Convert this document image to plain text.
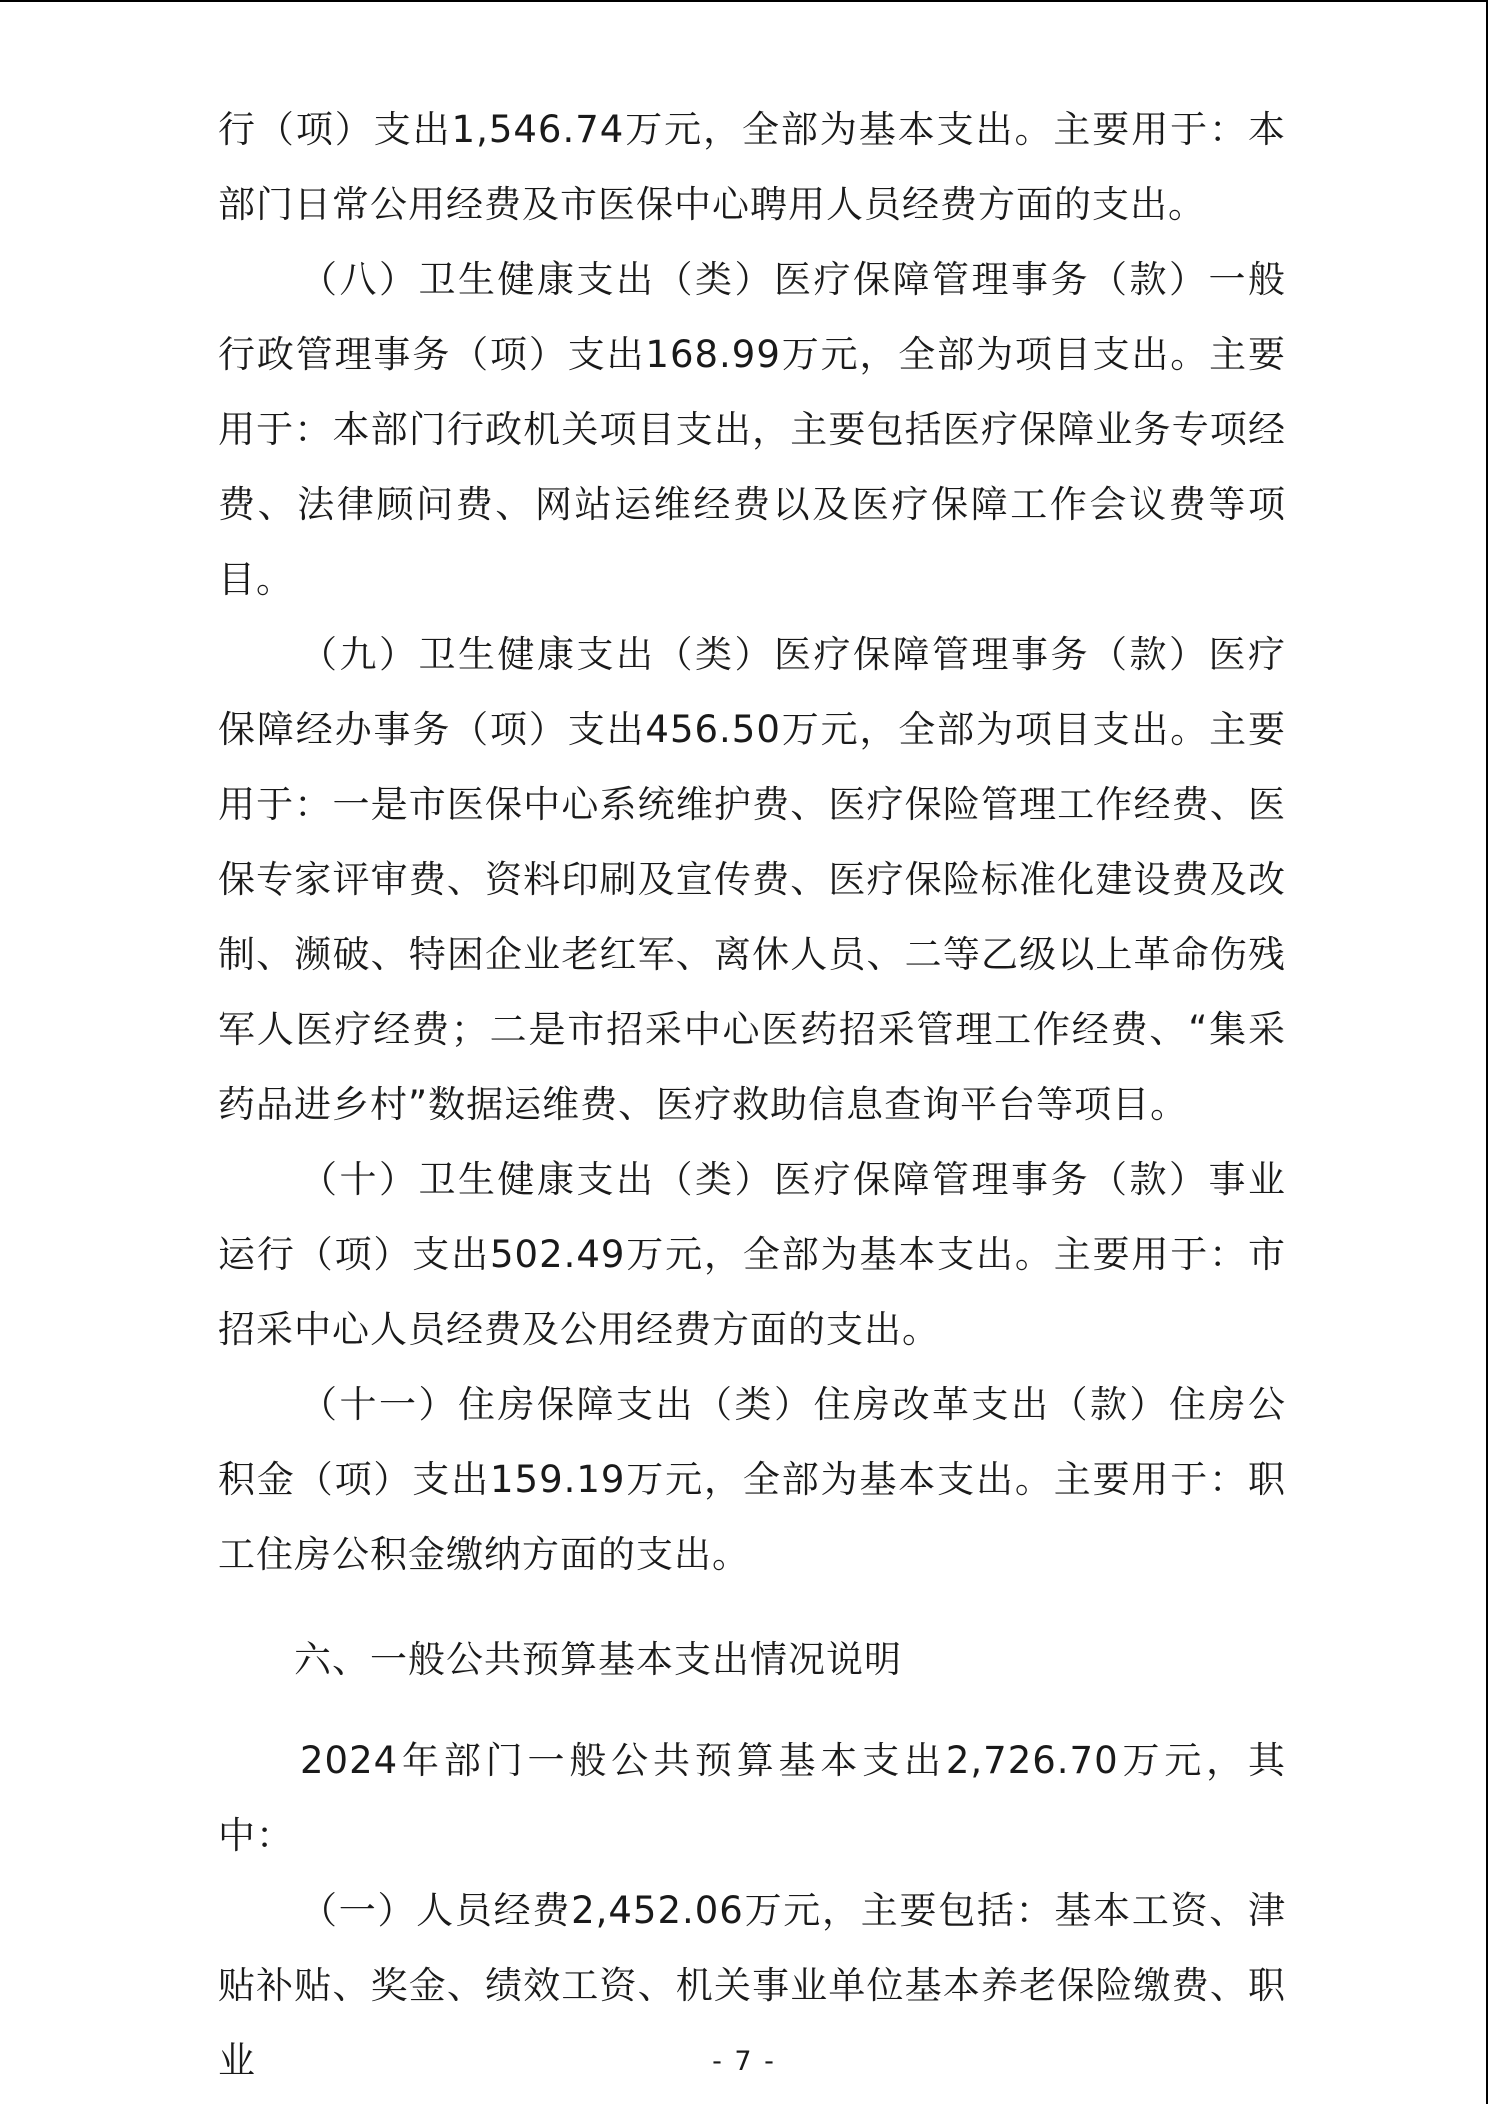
行（项）支出1,546.74万元，全部为基本支出。主要用于：本部门日常公用经费及市医保中心聘用人员经费方面的支出。

（八）卫生健康支出（类）医疗保障管理事务（款）一般行政管理事务（项）支出168.99万元，全部为项目支出。主要用于：本部门行政机关项目支出，主要包括医疗保障业务专项经费、法律顾问费、网站运维经费以及医疗保障工作会议费等项目。

（九）卫生健康支出（类）医疗保障管理事务（款）医疗保障经办事务（项）支出456.50万元，全部为项目支出。主要用于：一是市医保中心系统维护费、医疗保险管理工作经费、医保专家评审费、资料印刷及宣传费、医疗保险标准化建设费及改制、濒破、特困企业老红军、离休人员、二等乙级以上革命伤残军人医疗经费；二是市招采中心医药招采管理工作经费、“集采药品进乡村”数据运维费、医疗救助信息查询平台等项目。

（十）卫生健康支出（类）医疗保障管理事务（款）事业运行（项）支出502.49万元，全部为基本支出。主要用于：市招采中心人员经费及公用经费方面的支出。

（十一）住房保障支出（类）住房改革支出（款）住房公积金（项）支出159.19万元，全部为基本支出。主要用于：职工住房公积金缴纳方面的支出。

六、一般公共预算基本支出情况说明

2024年部门一般公共预算基本支出2,726.70万元，其中：

（一）人员经费2,452.06万元，主要包括：基本工资、津贴补贴、奖金、绩效工资、机关事业单位基本养老保险缴费、职业	- 7 -
